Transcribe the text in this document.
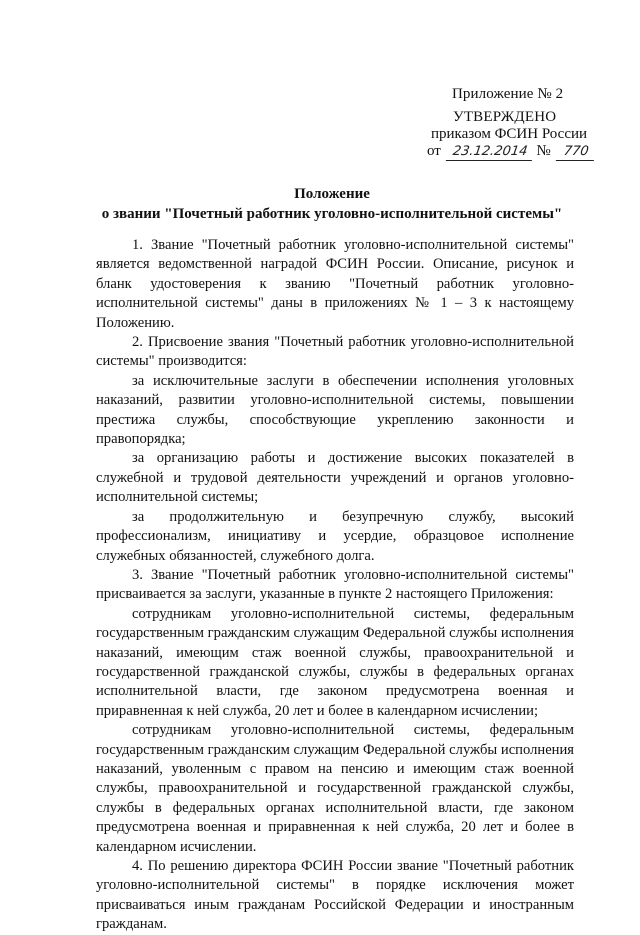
Приложение № 2
УТВЕРЖДЕНО
приказом ФСИН России
от 23.12.2014 № 770
Положение
о звании "Почетный работник уголовно-исполнительной системы"

1. Звание "Почетный работник уголовно-исполнительной системы" является ведомственной наградой ФСИН России. Описание, рисунок и бланк удостоверения к званию "Почетный работник уголовно-исполнительной системы" даны в приложениях № 1 – 3 к настоящему Положению.

2. Присвоение звания "Почетный работник уголовно-исполнительной системы" производится:

за исключительные заслуги в обеспечении исполнения уголовных наказаний, развитии уголовно-исполнительной системы, повышении престижа службы, способствующие укреплению законности и правопорядка;

за организацию работы и достижение высоких показателей в служебной и трудовой деятельности учреждений и органов уголовно-исполнительной системы;

за продолжительную и безупречную службу, высокий профессионализм, инициативу и усердие, образцовое исполнение служебных обязанностей, служебного долга.

3. Звание "Почетный работник уголовно-исполнительной системы" присваивается за заслуги, указанные в пункте 2 настоящего Приложения:

сотрудникам уголовно-исполнительной системы, федеральным государственным гражданским служащим Федеральной службы исполнения наказаний, имеющим стаж военной службы, правоохранительной и государственной гражданской службы, службы в федеральных органах исполнительной власти, где законом предусмотрена военная и приравненная к ней служба, 20 лет и более в календарном исчислении;

сотрудникам уголовно-исполнительной системы, федеральным государственным гражданским служащим Федеральной службы исполнения наказаний, уволенным с правом на пенсию и имеющим стаж военной службы, правоохранительной и государственной гражданской службы, службы в федеральных органах исполнительной власти, где законом предусмотрена военная и приравненная к ней служба, 20 лет и более в календарном исчислении.

4. По решению директора ФСИН России звание "Почетный работник уголовно-исполнительной системы" в порядке исключения может присваиваться иным гражданам Российской Федерации и иностранным гражданам.
